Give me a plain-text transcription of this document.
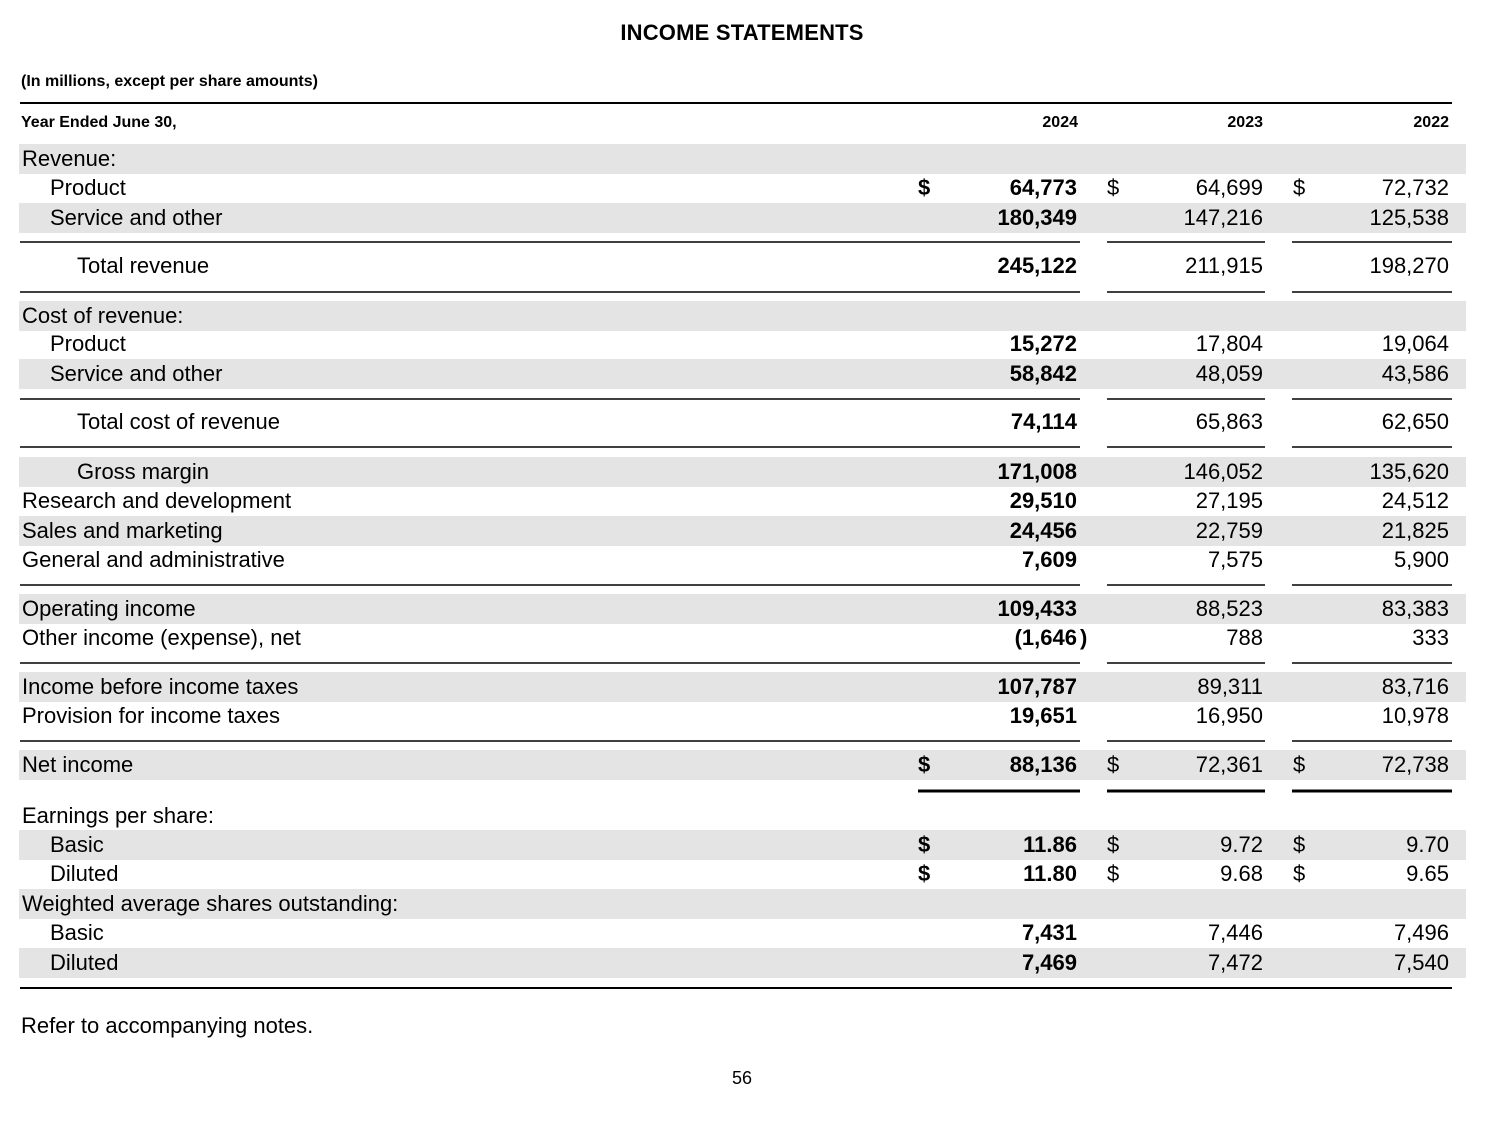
INCOME STATEMENTS
(In millions, except per share amounts)
Year Ended June 30,	2024	2023	2022
Revenue:
Product	$	64,773 $	64,699 $	72,732
Service and other	180,349	147,216	125,538
Total revenue	245,122	211,915	198,270
Cost of revenue:
Product	15,272	17,804	19,064
Service and other	58,842	48,059	43,586
Total cost of revenue	74,114	65,863	62,650
Gross margin	171,008	146,052	135,620
Research and development	29,510	27,195	24,512
Sales and marketing	24,456	22,759	21,825
General and administrative	7,609	7,575	5,900
Operating income	109,433	88,523	83,383
Other income (expense), net	(1,646 )	788	333
Income before income taxes	107,787	89,311	83,716
Provision for income taxes	19,651	16,950	10,978
Net income	$	88,136 $	72,361 $	72,738
Earnings per share:
Basic	$	11.86 $	9.72 $	9.70
Diluted	$	11.80 $	9.68 $	9.65
Weighted average shares outstanding:
Basic	7,431	7,446	7,496
Diluted	7,469	7,472	7,540
Refer to accompanying notes.
56
